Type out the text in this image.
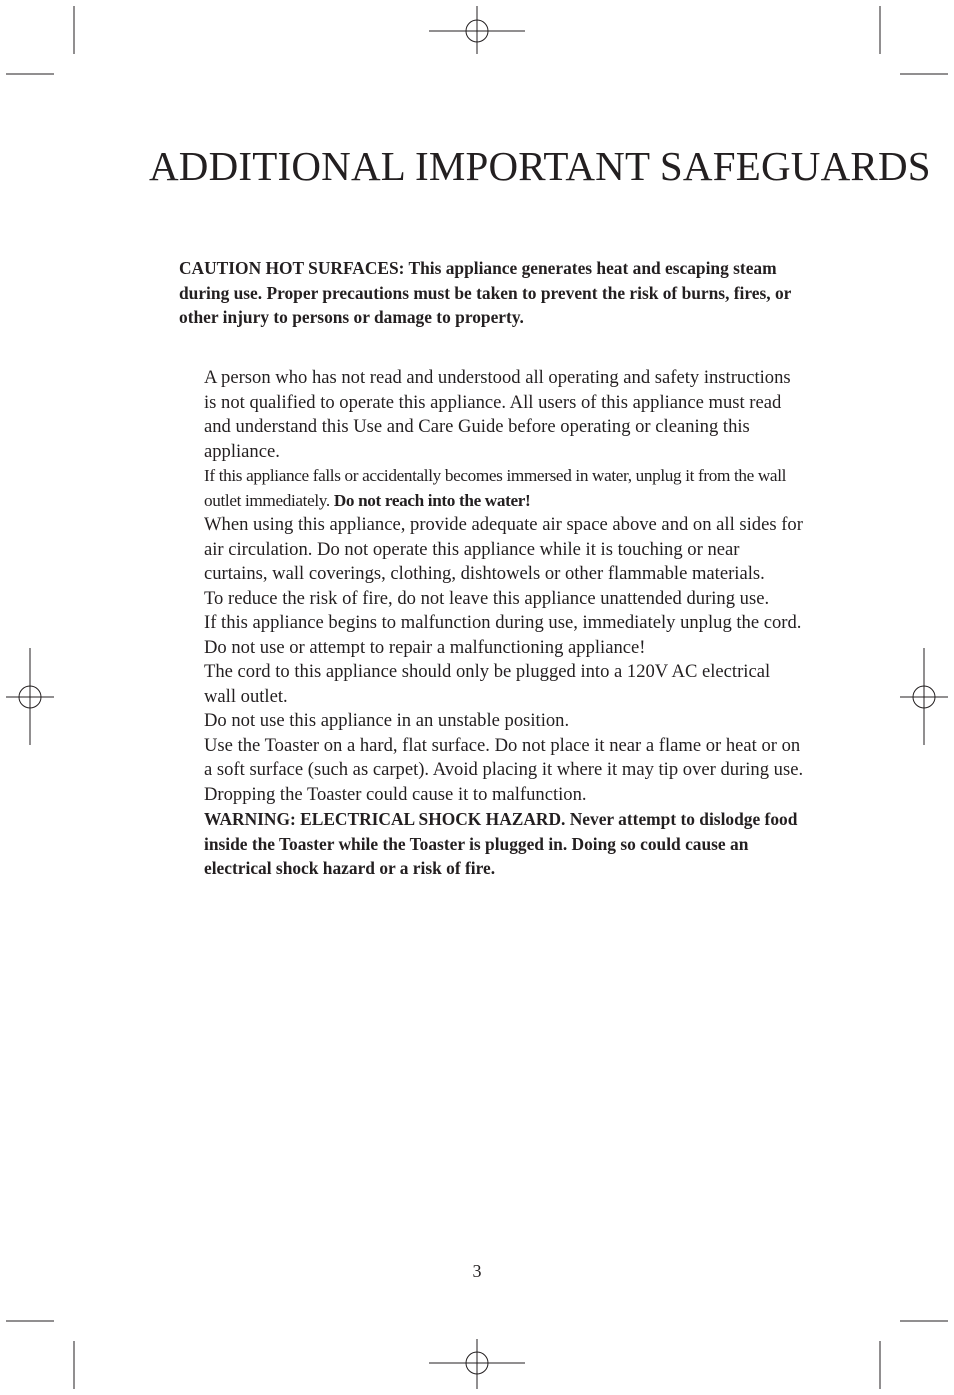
ADDITIONAL IMPORTANT SAFEGUARDS

CAUTION HOT SURFACES: This appliance generates heat and escaping steam during use. Proper precautions must be taken to prevent the risk of burns, fires, or other injury to persons or damage to property.

A person who has not read and understood all operating and safety instructions is not qualified to operate this appliance. All users of this appliance must read and understand this Use and Care Guide before operating or cleaning this appliance.

If this appliance falls or accidentally becomes immersed in water, unplug it from the wall outlet immediately. Do not reach into the water!

When using this appliance, provide adequate air space above and on all sides for air circulation. Do not operate this appliance while it is touching or near curtains, wall coverings, clothing, dishtowels or other flammable materials.

To reduce the risk of fire, do not leave this appliance unattended during use.

If this appliance begins to malfunction during use, immediately unplug the cord. Do not use or attempt to repair a malfunctioning appliance!

The cord to this appliance should only be plugged into a 120V AC electrical wall outlet.

Do not use this appliance in an unstable position.

Use the Toaster on a hard, flat surface. Do not place it near a flame or heat or on a soft surface (such as carpet). Avoid placing it where it may tip over during use. Dropping the Toaster could cause it to malfunction.

WARNING: ELECTRICAL SHOCK HAZARD. Never attempt to dislodge food inside the Toaster while the Toaster is plugged in. Doing so could cause an electrical shock hazard or a risk of fire.

3
